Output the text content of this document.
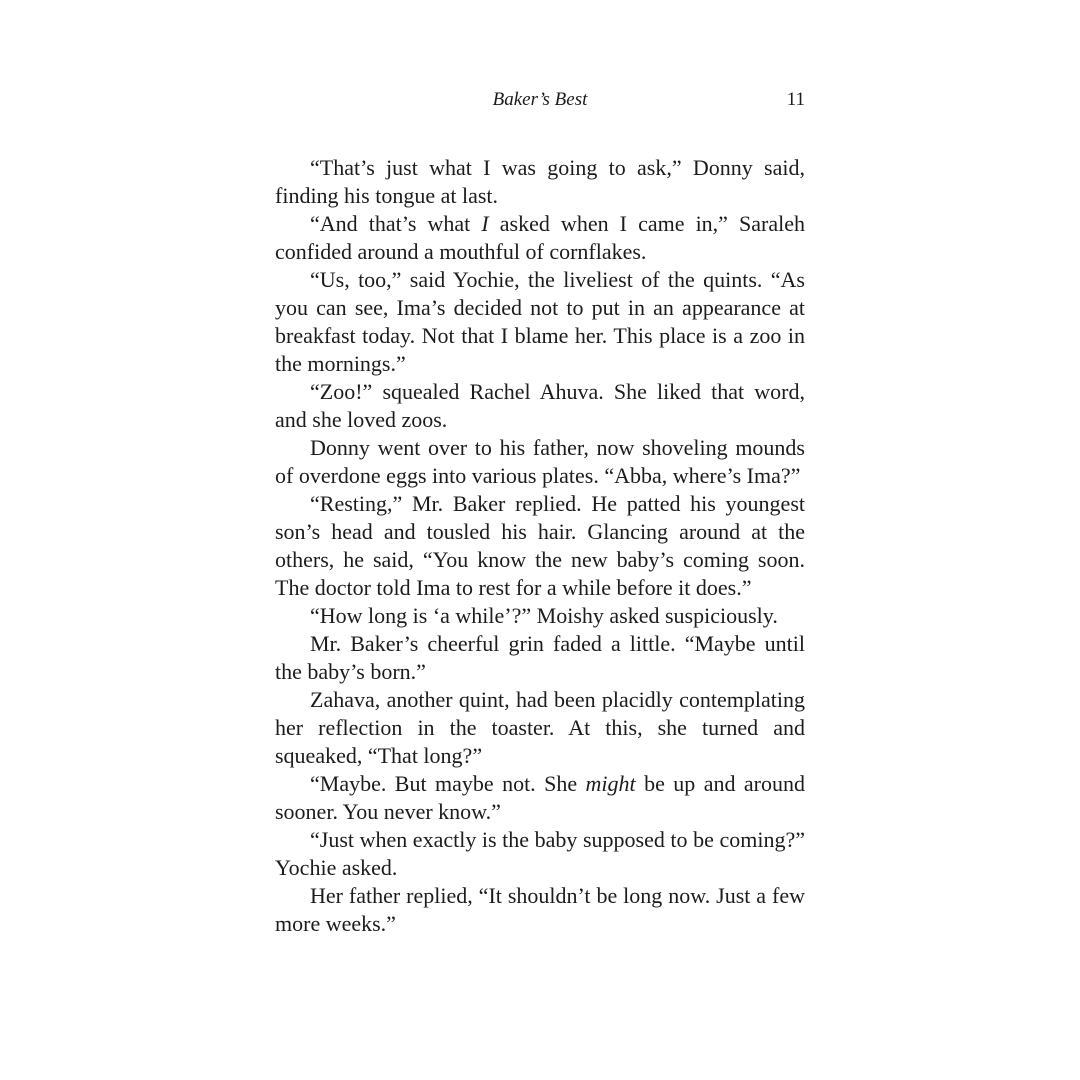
Baker’s Best	11

“That’s just what I was going to ask,” Donny said, finding his tongue at last.

“And that’s what I asked when I came in,” Saraleh confided around a mouthful of cornflakes.

“Us, too,” said Yochie, the liveliest of the quints. “As you can see, Ima’s decided not to put in an appearance at breakfast today. Not that I blame her. This place is a zoo in the mornings.”

“Zoo!” squealed Rachel Ahuva. She liked that word, and she loved zoos.

Donny went over to his father, now shoveling mounds of overdone eggs into various plates. “Abba, where’s Ima?”

“Resting,” Mr. Baker replied. He patted his youngest son’s head and tousled his hair. Glancing around at the others, he said, “You know the new baby’s coming soon. The doctor told Ima to rest for a while before it does.”

“How long is ‘a while’?” Moishy asked suspiciously.

Mr. Baker’s cheerful grin faded a little. “Maybe until the baby’s born.”

Zahava, another quint, had been placidly contemplating her reflection in the toaster. At this, she turned and squeaked, “That long?”

“Maybe. But maybe not. She might be up and around sooner. You never know.”

“Just when exactly is the baby supposed to be coming?” Yochie asked.

Her father replied, “It shouldn’t be long now. Just a few more weeks.”
